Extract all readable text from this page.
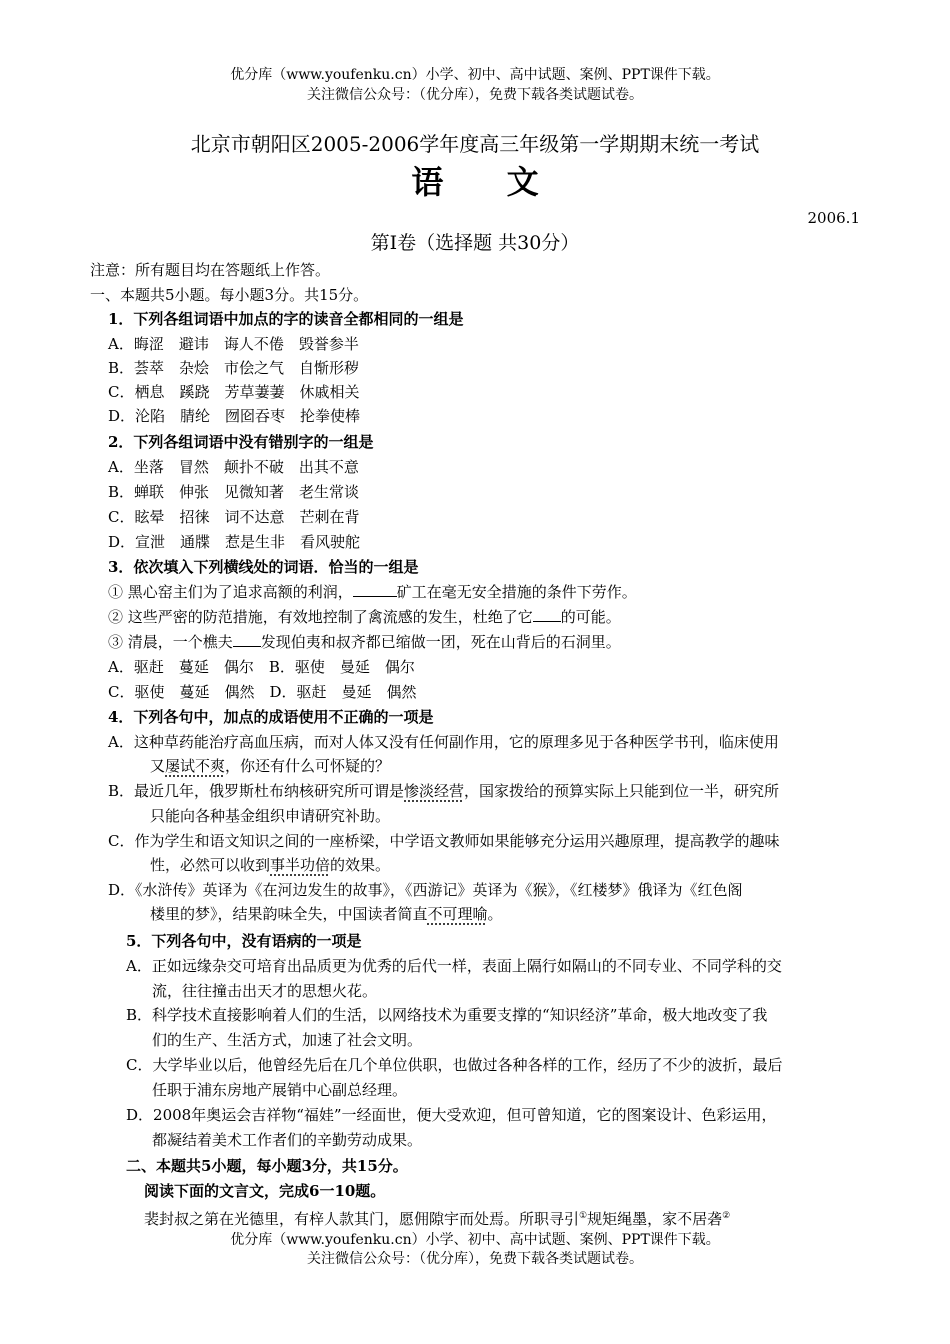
优分库（www.youfenku.cn）小学、初中、高中试题、案例、PPT课件下载。
关注微信公众号：（优分库），免费下载各类试题试卷。
北京市朝阳区2005-2006学年度高三年级第一学期期末统一考试
语 文
2006.1
第I卷（选择题 共30分）
注意：所有题目均在答题纸上作答。
一、本题共5小题。每小题3分。共15分。
1．下列各组词语中加点的字的读音全都相同的一组是
A．晦涩　避讳　诲人不倦　毁誉参半
B．荟萃　杂烩　市侩之气　自惭形秽
C．栖息　蹊跷　芳草萋萋　休戚相关
D．沦陷　腈纶　囫囵吞枣　抡拳使棒
2．下列各组词语中没有错别字的一组是
A．坐落　冒然　颠扑不破　出其不意
B．蝉联　伸张　见微知著　老生常谈
C．眩晕　招徕　词不达意　芒刺在背
D．宣泄　通牒　惹是生非　看风驶舵
3．依次填入下列横线处的词语．恰当的一组是
① 黑心窑主们为了追求高额的利润，	矿工在毫无安全措施的条件下劳作。
② 这些严密的防范措施，有效地控制了禽流感的发生，杜绝了它 的可能。
③ 清晨，一个樵夫 发现伯夷和叔齐都已缩做一团，死在山背后的石洞里。
A．驱赶　蔓延　偶尔　B．驱使　曼延　偶尔
C．驱使　蔓延　偶然　D．驱赶　曼延　偶然
4．下列各句中，加点的成语使用不正确的一项是
A．这种草药能治疗高血压病，而对人体又没有任何副作用，它的原理多见于各种医学书刊，临床使用
又屡试不爽，你还有什么可怀疑的？
B．最近几年，俄罗斯杜布纳核研究所可谓是惨淡经营，国家拨给的预算实际上只能到位一半，研究所
只能向各种基金组织申请研究补助。
C．作为学生和语文知识之间的一座桥梁，中学语文教师如果能够充分运用兴趣原理，提高教学的趣味
性，必然可以收到事半功倍的效果。
D．《水浒传》英译为《在河边发生的故事》，《西游记》英译为《猴》，《红楼梦》俄译为《红色阁
楼里的梦》，结果韵味全失，中国读者简直不可理喻。
5．下列各句中，没有语病的一项是
A．正如远缘杂交可培育出品质更为优秀的后代一样，表面上隔行如隔山的不同专业、不同学科的交
流，往往撞击出天才的思想火花。
B．科学技术直接影响着人们的生活，以网络技术为重要支撑的“知识经济”革命，极大地改变了我
们的生产、生活方式，加速了社会文明。
C．大学毕业以后，他曾经先后在几个单位供职，也做过各种各样的工作，经历了不少的波折，最后
任职于浦东房地产展销中心副总经理。
D．2008年奥运会吉祥物“福娃”一经面世，便大受欢迎，但可曾知道，它的图案设计、色彩运用，
都凝结着美术工作者们的辛勤劳动成果。
二、本题共5小题，每小题3分，共15分。
阅读下面的文言文，完成6一10题。
裴封叔之第在光德里，有梓人款其门，愿佣隙宇而处焉。所职寻引①规矩绳墨，家不居砻②
优分库（www.youfenku.cn）小学、初中、高中试题、案例、PPT课件下载。
关注微信公众号：（优分库），免费下载各类试题试卷。
